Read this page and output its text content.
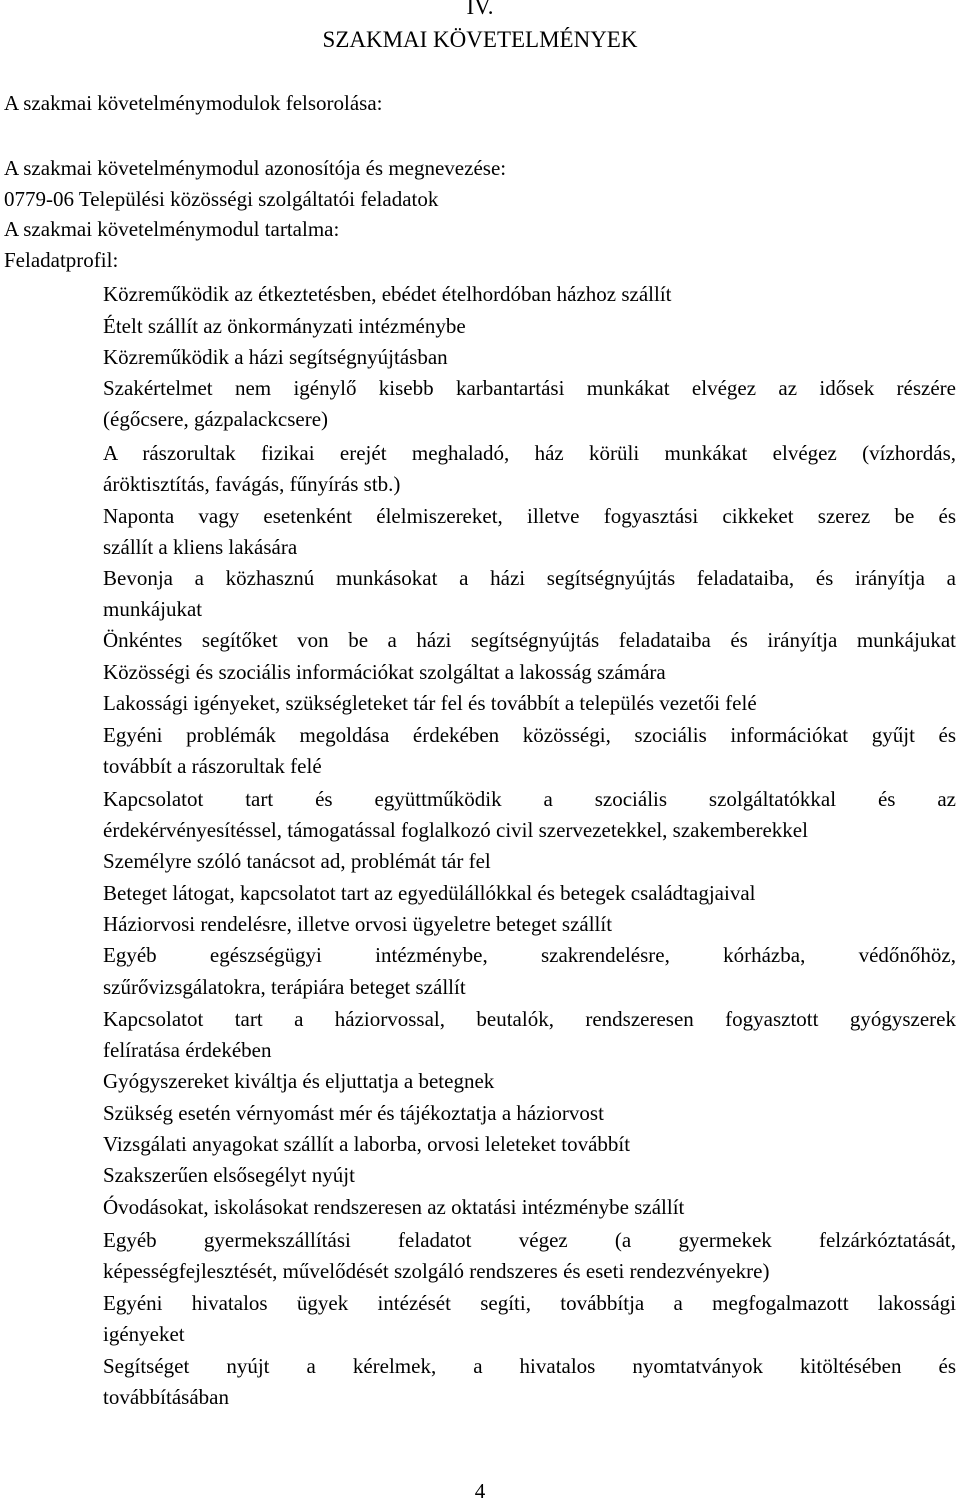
IV.
SZAKMAI KÖVETELMÉNYEK
A szakmai követelménymodulok felsorolása:
A szakmai követelménymodul azonosítója és megnevezése:
0779-06 Települési közösségi szolgáltatói feladatok
A szakmai követelménymodul tartalma:
Feladatprofil:
Közreműködik az étkeztetésben, ebédet ételhordóban házhoz szállít
Ételt szállít az önkormányzati intézménybe
Közreműködik a házi segítségnyújtásban
Szakértelmet nem igénylő kisebb karbantartási munkákat elvégez az idősek részére
(égőcsere, gázpalackcsere)
A rászorultak fizikai erejét meghaladó, ház körüli munkákat elvégez (vízhordás,
áröktisztítás, favágás, fűnyírás stb.)
Naponta vagy esetenként élelmiszereket, illetve fogyasztási cikkeket szerez be és
szállít a kliens lakására
Bevonja a közhasznú munkásokat a házi segítségnyújtás feladataiba, és irányítja a
munkájukat
Önkéntes segítőket von be a házi segítségnyújtás feladataiba és irányítja munkájukat
Közösségi és szociális információkat szolgáltat a lakosság számára
Lakossági igényeket, szükségleteket tár fel és továbbít a település vezetői felé
Egyéni problémák megoldása érdekében közösségi, szociális információkat gyűjt és
továbbít a rászorultak felé
Kapcsolatot tart és együttműködik a szociális szolgáltatókkal és az
érdekérvényesítéssel, támogatással foglalkozó civil szervezetekkel, szakemberekkel
Személyre szóló tanácsot ad, problémát tár fel
Beteget látogat, kapcsolatot tart az egyedülállókkal és betegek családtagjaival
Háziorvosi rendelésre, illetve orvosi ügyeletre beteget szállít
Egyéb egészségügyi intézménybe, szakrendelésre, kórházba, védőnőhöz,
szűrővizsgálatokra, terápiára beteget szállít
Kapcsolatot tart a háziorvossal, beutalók, rendszeresen fogyasztott gyógyszerek
felíratása érdekében
Gyógyszereket kiváltja és eljuttatja a betegnek
Szükség esetén vérnyomást mér és tájékoztatja a háziorvost
Vizsgálati anyagokat szállít a laborba, orvosi leleteket továbbít
Szakszerűen elsősegélyt nyújt
Óvodásokat, iskolásokat rendszeresen az oktatási intézménybe szállít
Egyéb gyermekszállítási feladatot végez (a gyermekek felzárkóztatását,
képességfejlesztését, művelődését szolgáló rendszeres és eseti rendezvényekre)
Egyéni hivatalos ügyek intézését segíti, továbbítja a megfogalmazott lakossági
igényeket
Segítséget nyújt a kérelmek, a hivatalos nyomtatványok kitöltésében és
továbbításában
4
